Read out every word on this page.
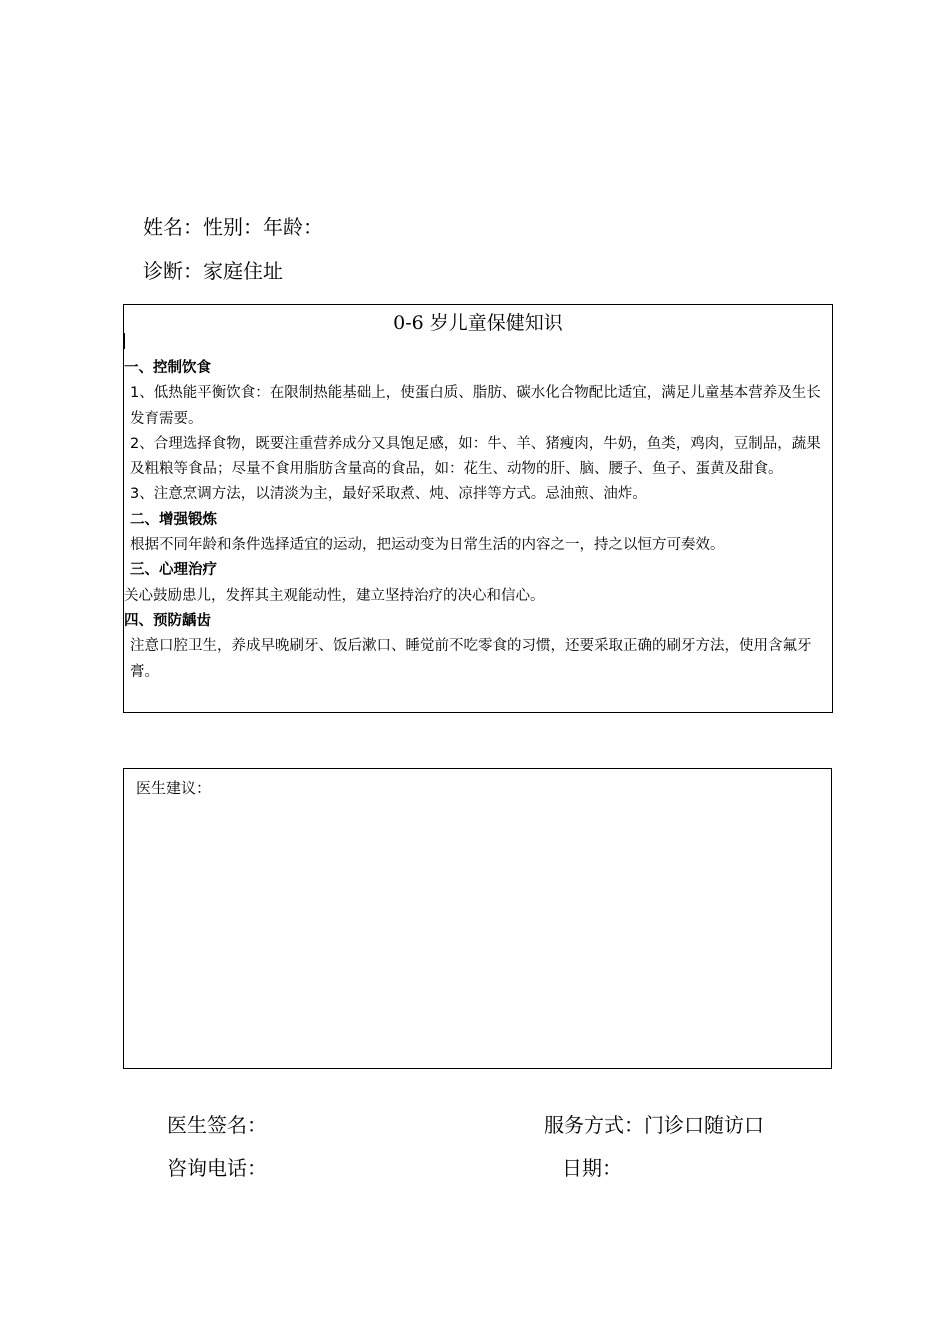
姓名：性别：年龄：
诊断：家庭住址
0-6 岁儿童保健知识
一、控制饮食
1、低热能平衡饮食：在限制热能基础上，使蛋白质、脂肪、碳水化合物配比适宜，满足儿童基本营养及生长发育需要。
2、合理选择食物，既要注重营养成分又具饱足感，如：牛、羊、猪瘦肉，牛奶，鱼类，鸡肉，豆制品，蔬果及粗粮等食品；尽量不食用脂肪含量高的食品，如：花生、动物的肝、脑、腰子、鱼子、蛋黄及甜食。
3、注意烹调方法，以清淡为主，最好采取煮、炖、凉拌等方式。忌油煎、油炸。
二、增强锻炼
根据不同年龄和条件选择适宜的运动，把运动变为日常生活的内容之一，持之以恒方可奏效。
三、心理治疗
关心鼓励患儿，发挥其主观能动性，建立坚持治疗的决心和信心。
四、预防龋齿
注意口腔卫生，养成早晚刷牙、饭后漱口、睡觉前不吃零食的习惯，还要采取正确的刷牙方法，使用含氟牙膏。
医生建议：
医生签名：	服务方式：门诊口随访口
咨询电话：	日期：
